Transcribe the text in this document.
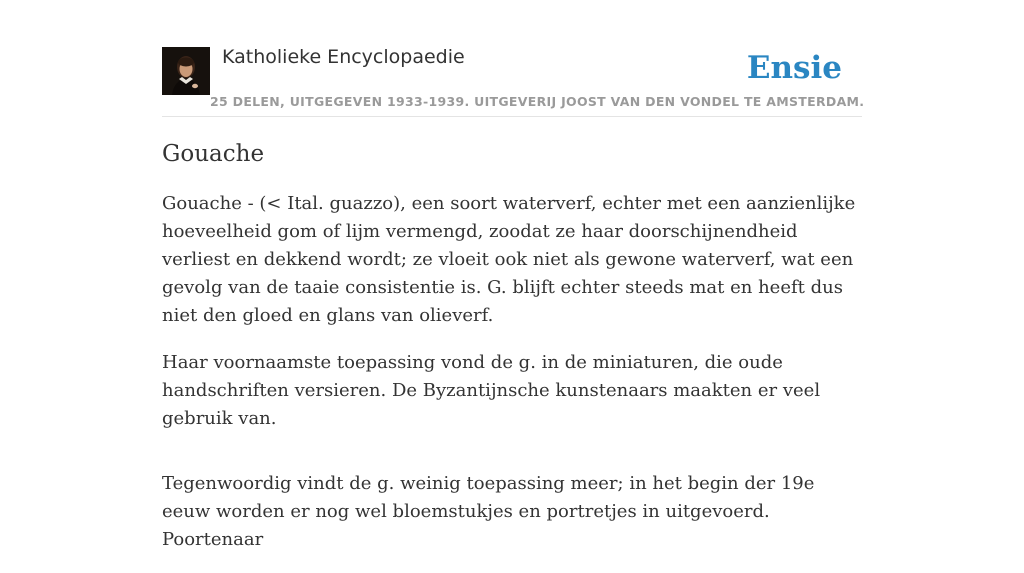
Katholieke Encyclopaedie
25 DELEN, UITGEGEVEN 1933-1939. UITGEVERIJ JOOST VAN DEN VONDEL TE AMSTERDAM.
Ensie
Gouache

Gouache - (< Ital. guazzo), een soort waterverf, echter met een aanzienlijke hoeveelheid gom of lijm vermengd, zoodat ze haar doorschijnendheid verliest en dekkend wordt; ze vloeit ook niet als gewone waterverf, wat een gevolg van de taaie consistentie is. G. blijft echter steeds mat en heeft dus niet den gloed en glans van olieverf.

Haar voornaamste toepassing vond de g. in de miniaturen, die oude handschriften versieren. De Byzantijnsche kunstenaars maakten er veel gebruik van.

Tegenwoordig vindt de g. weinig toepassing meer; in het begin der 19e eeuw worden er nog wel bloemstukjes en portretjes in uitgevoerd. Poortenaar
